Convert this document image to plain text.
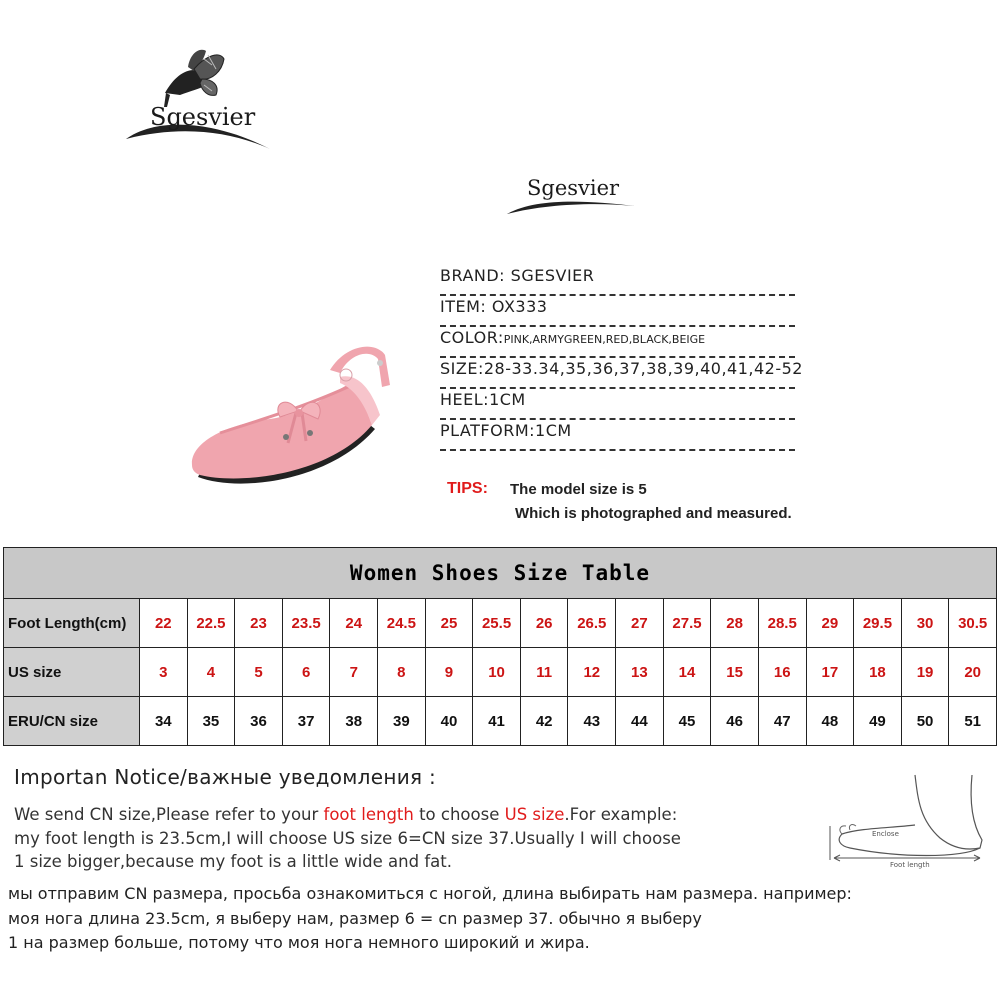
Sgesvier
Sgesvier
BRAND: SGESVIER
ITEM: OX333
COLOR:PINK,ARMYGREEN,RED,BLACK,BEIGE
SIZE:28-33.34,35,36,37,38,39,40,41,42-52
HEEL:1CM
PLATFORM:1CM
TIPS: The model size is 5
Which is photographed and measured.
Women Shoes Size Table																		
Foot Length(cm)	22	22.5	23	23.5	24	24.5	25	25.5	26	26.5	27	27.5	28	28.5	29	29.5	30	30.5
US size	3	4	5	6	7	8	9	10	11	12	13	14	15	16	17	18	19	20
ERU/CN size	34	35	36	37	38	39	40	41	42	43	44	45	46	47	48	49	50	51
Importan Notice/важные уведомления :
We send CN size,Please refer to your foot length to choose US size.For example:
my foot length is 23.5cm,I will choose US size 6=CN size 37.Usually I will choose
1 size bigger,because my foot is a little wide and fat.
мы отправим CN размера, просьба ознакомиться с ногой, длина выбирать нам размера. например:
моя нога длина 23.5cm, я выберу нам, размер 6 = cn размер 37. обычно я выберу
1 на размер больше, потому что моя нога немного широкий и жира.
Enclose
Foot length
